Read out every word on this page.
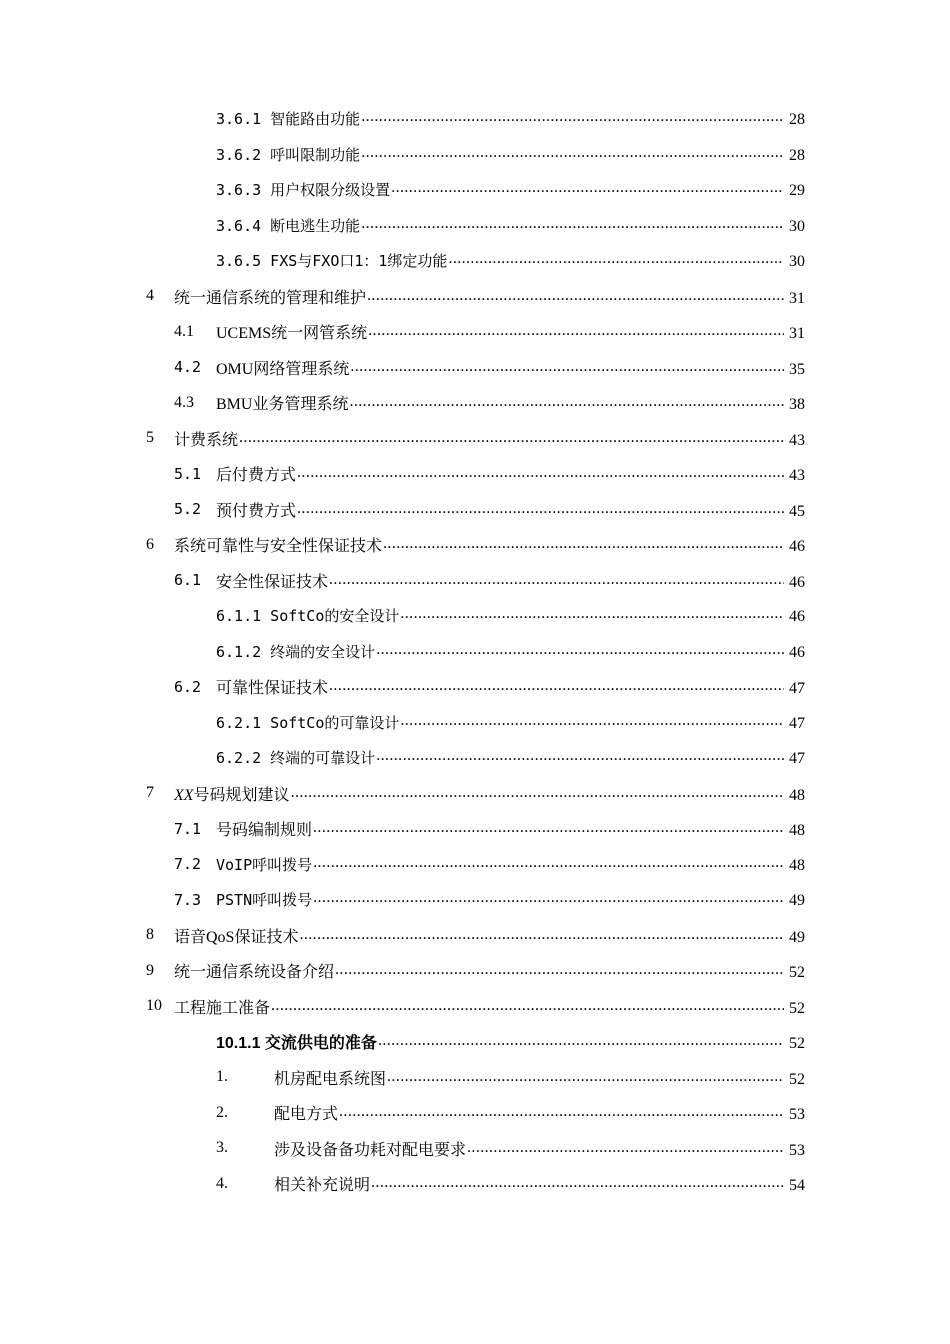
3.6.1 智能路由功能 .....	28
3.6.2 呼叫限制功能 .....	28
3.6.3 用户权限分级设置 .....	29
3.6.4 断电逃生功能 .....	30
3.6.5 FXS与FXO口1：1绑定功能 .....	30
4 统一通信系统的管理和维护 .....	31
4.1 UCEMS统一网管系统 .....	31
4.2 OMU网络管理系统 .....	35
4.3 BMU业务管理系统 .....	38
5 计费系统 .....	43
5.1 后付费方式 .....	43
5.2 预付费方式 .....	45
6 系统可靠性与安全性保证技术 .....	46
6.1 安全性保证技术 .....	46
6.1.1 SoftCo的安全设计 .....	46
6.1.2 终端的安全设计 .....	46
6.2 可靠性保证技术 .....	47
6.2.1 SoftCo的可靠设计 .....	47
6.2.2 终端的可靠设计 .....	47
7 XX号码规划建议 .....	48
7.1 号码编制规则 .....	48
7.2 VoIP呼叫拨号 .....	48
7.3 PSTN呼叫拨号 .....	49
8 语音QoS保证技术 .....	49
9 统一通信系统设备介绍 .....	52
10 工程施工准备 .....	52
10.1.1 交流供电的准备 .....	52
1.	机房配电系统图 .....	52
2.	配电方式 .....	53
3.	涉及设备备功耗对配电要求 .....	53
4.	相关补充说明 .....	54
